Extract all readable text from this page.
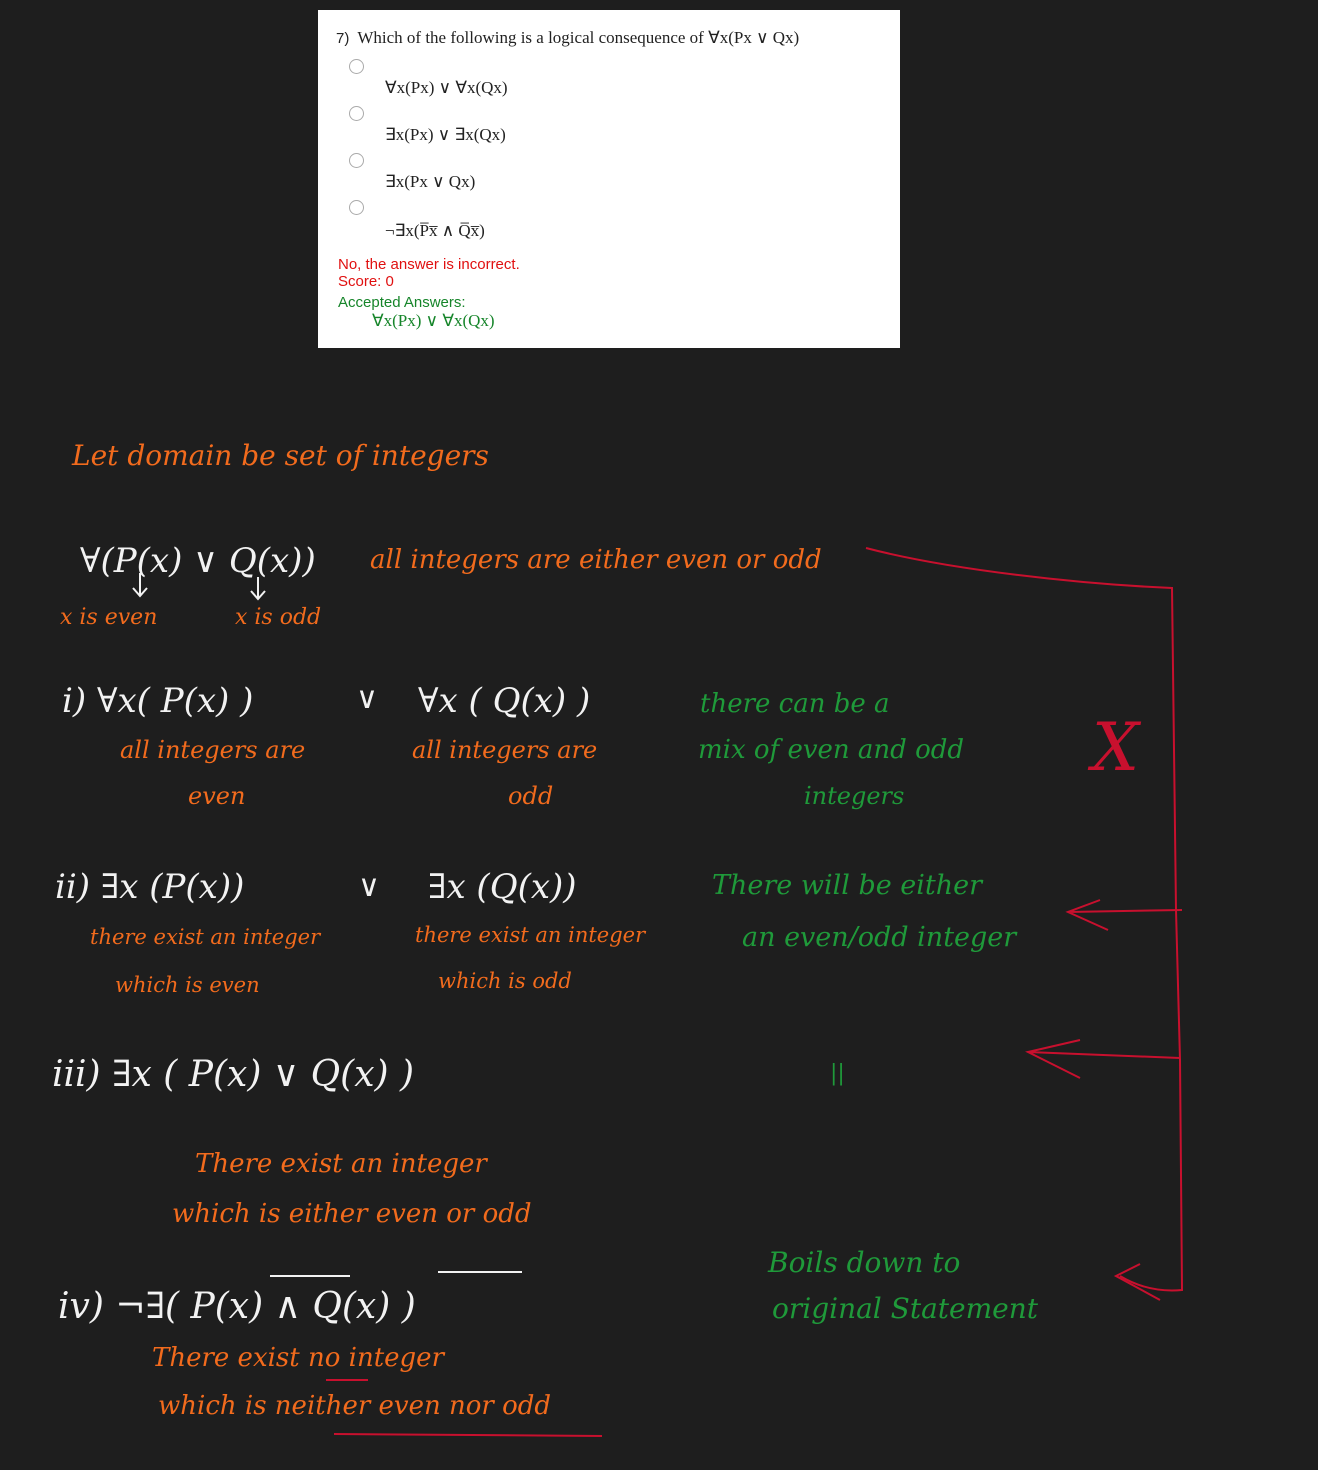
7) Which of the following is a logical consequence of ∀x(Px ∨ Qx)
∀x(Px) ∨ ∀x(Qx)
∃x(Px) ∨ ∃x(Qx)
∃x(Px ∨ Qx)
¬∃x(P̅x̅ ∧ Q̅x̅)
No, the answer is incorrect.
Score: 0
Accepted Answers:
∀x(Px) ∨ ∀x(Qx)
Let domain be set of integers
∀(P(x) ∨ Q(x)) all integers are either even or odd
x is even	x is odd
i) ∀x( P(x) )	∨ ∀x ( Q(x) )
all integers are
even
all integers are
odd
there can be a
mix of even and odd
integers
X
ii) ∃x (P(x))	∨ ∃x (Q(x))
there exist an integer
which is even
there exist an integer
which is odd
There will be either
an even/odd integer
iii) ∃x ( P(x) ∨ Q(x) )	||
There exist an integer
which is either even or odd
iv) ¬∃( P(x) ∧ Q(x) )
There exist no integer
which is neither even nor odd
Boils down to
original Statement
